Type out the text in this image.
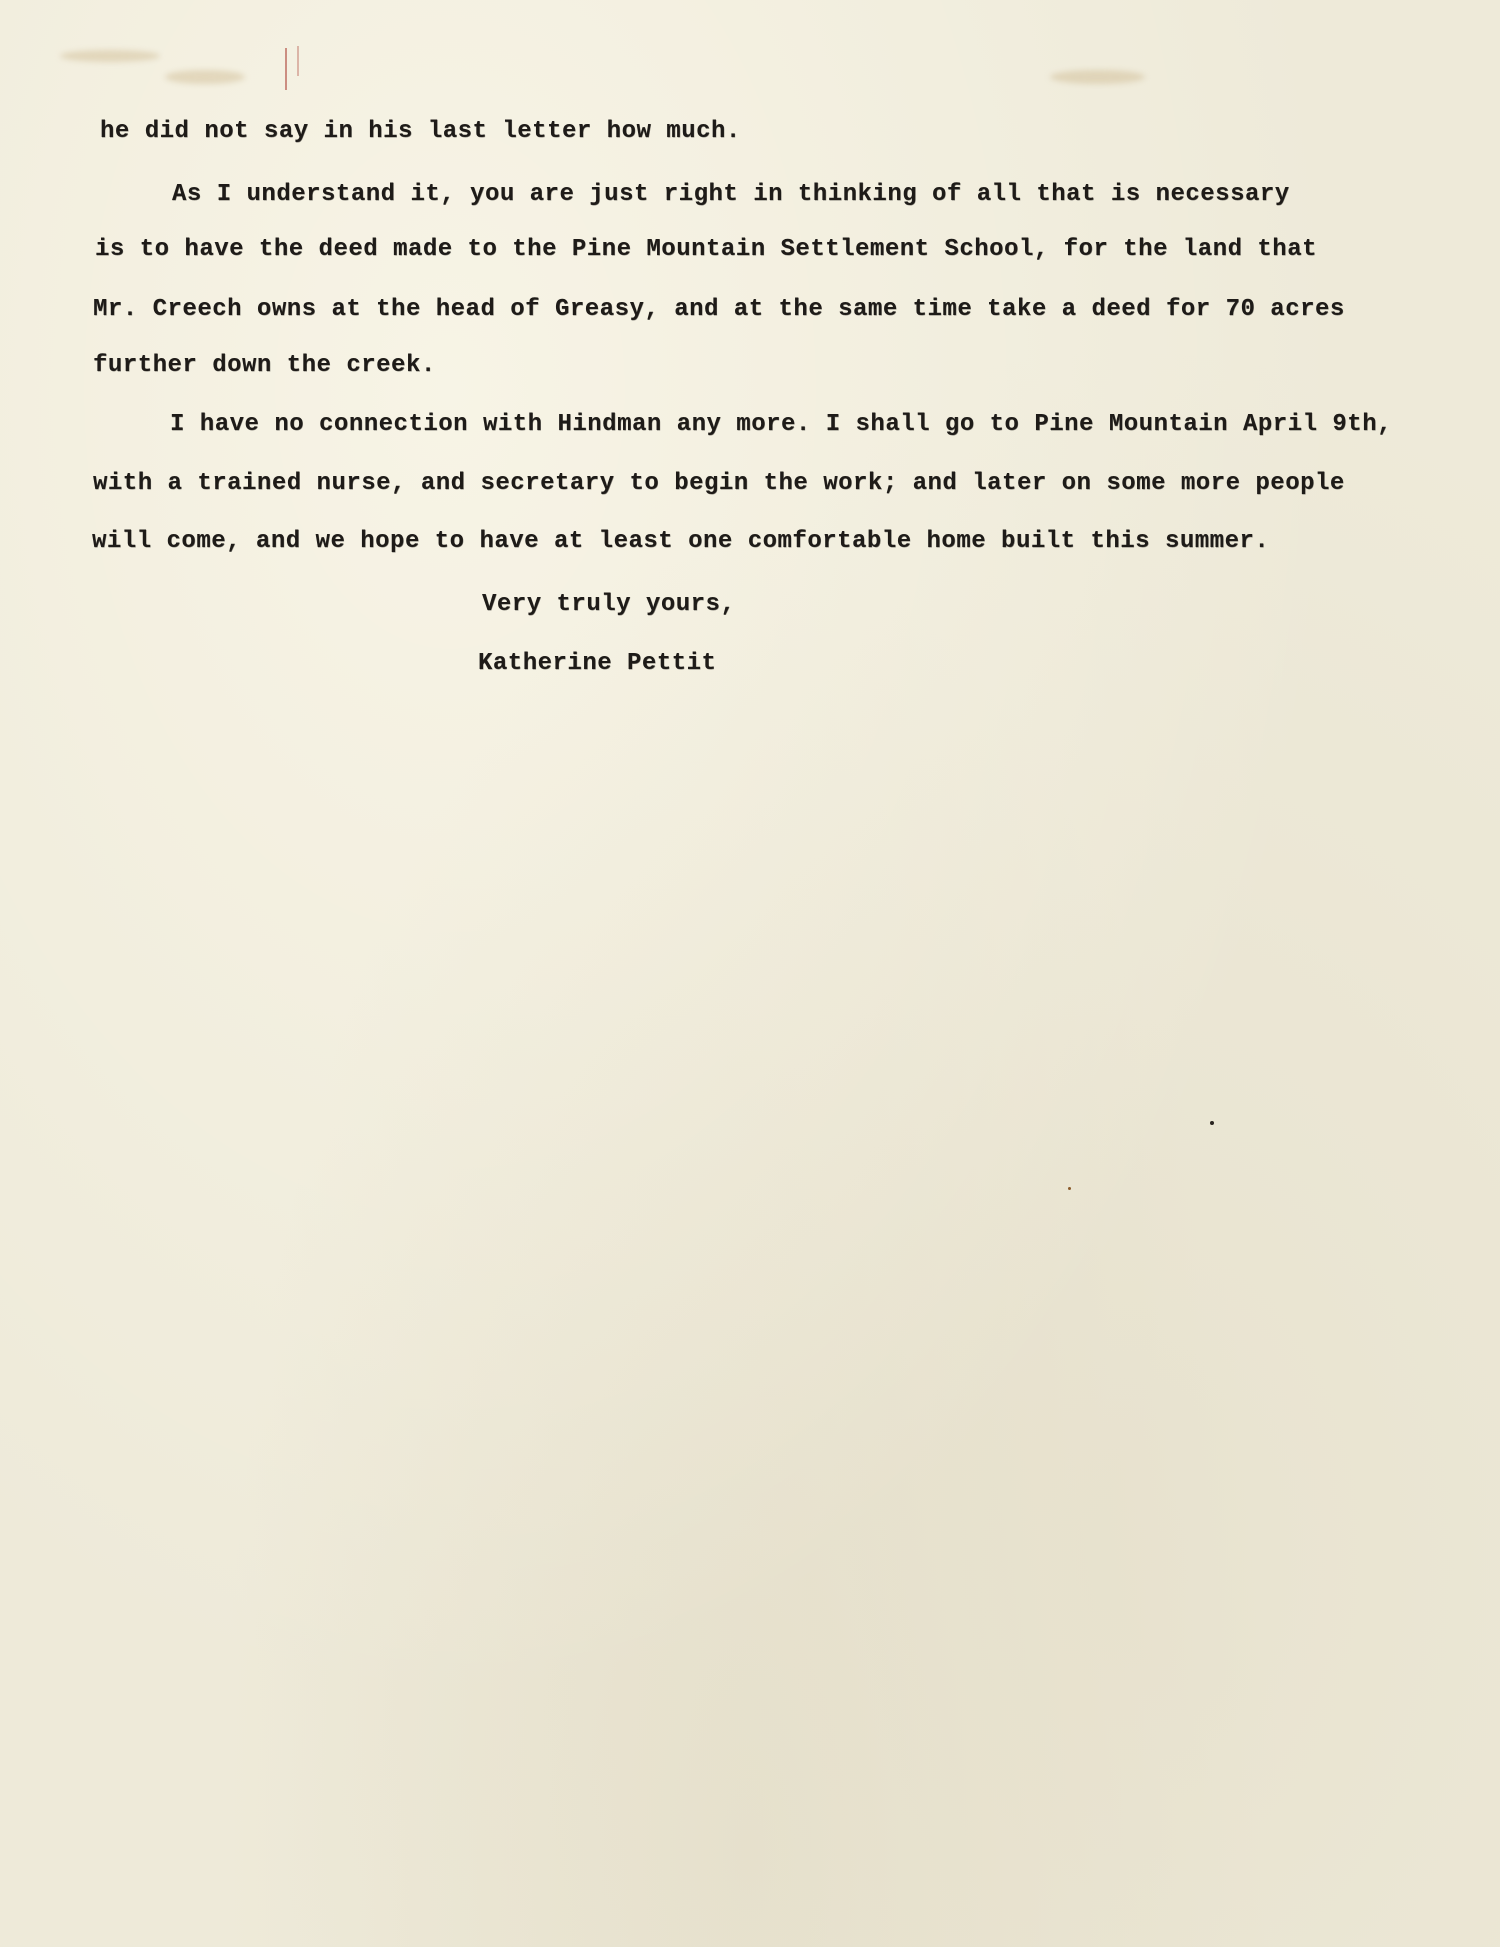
he did not say in his last letter how much.
As I understand it, you are just right in thinking of all that is necessary
is to have the deed made to the Pine Mountain Settlement School, for the land that
Mr. Creech owns at the head of Greasy, and at the same time take a deed for 70 acres
further down the creek.
I have no connection with Hindman any more. I shall go to Pine Mountain April 9th,
with a trained nurse, and secretary to begin the work; and later on some more people
will come, and we hope to have at least one comfortable home built this summer.
Very truly yours,
Katherine Pettit
